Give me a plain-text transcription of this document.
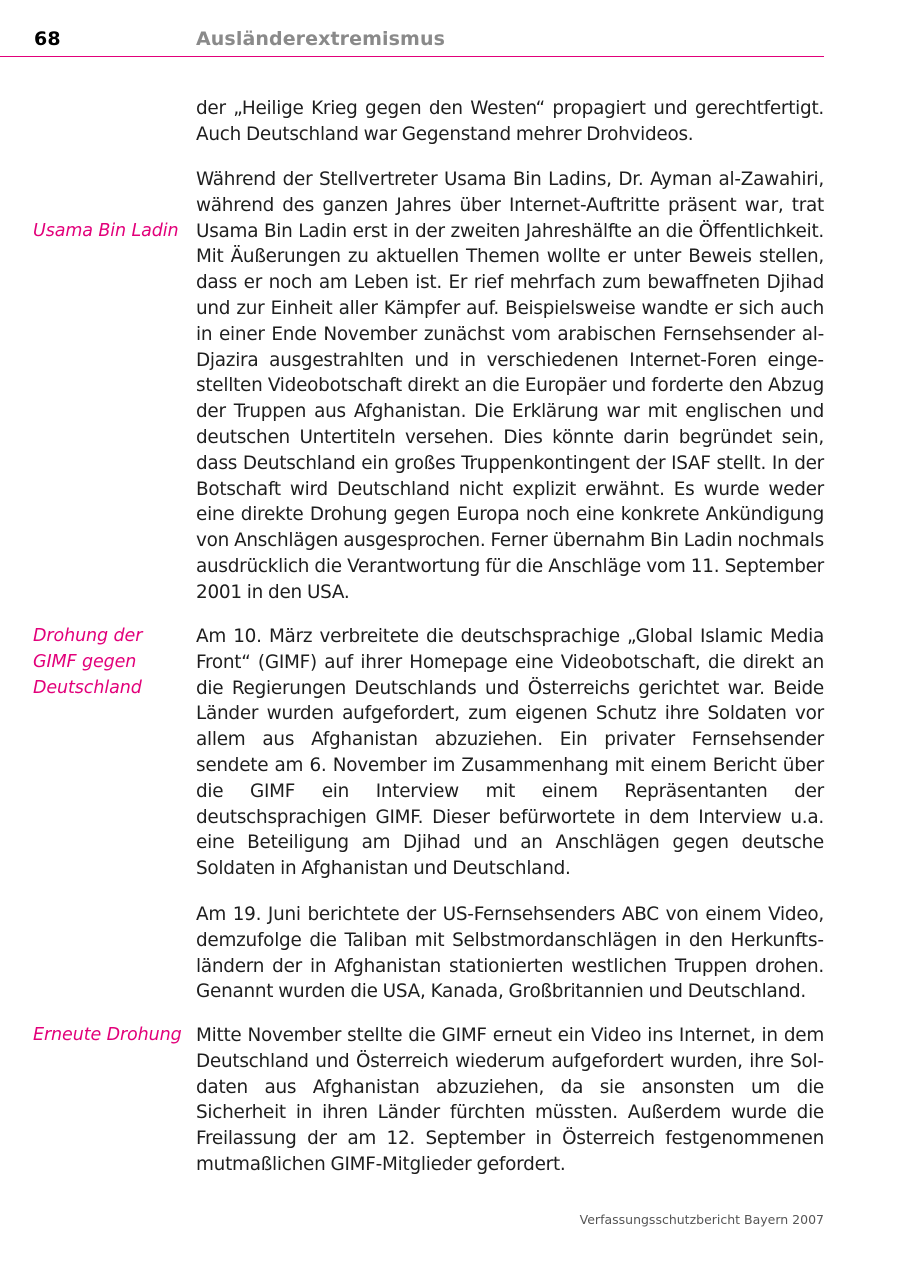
68	Ausländerextremismus

der „Heilige Krieg gegen den Westen“ propagiert und gerechtfertigt. Auch Deutschland war Gegenstand mehrer Drohvideos.

Während der Stellvertreter Usama Bin Ladins, Dr. Ayman al-Zawahiri, während des ganzen Jahres über Internet-Auftritte präsent war, trat Usama Bin Ladin erst in der zweiten Jahreshälfte an die Öffentlichkeit. Mit Äußerungen zu aktuellen Themen wollte er unter Beweis stellen, dass er noch am Leben ist. Er rief mehrfach zum bewaffneten Djihad und zur Einheit aller Kämpfer auf. Beispielsweise wandte er sich auch in einer Ende November zunächst vom arabischen Fernsehsender al-Djazira ausgestrahlten und in verschiedenen Internet-Foren eingestellten Videobotschaft direkt an die Europäer und forderte den Abzug der Truppen aus Afghanistan. Die Erklärung war mit englischen und deutschen Untertiteln versehen. Dies könnte darin begründet sein, dass Deutschland ein großes Truppenkontingent der ISAF stellt. In der Botschaft wird Deutschland nicht explizit erwähnt. Es wurde weder eine direkte Drohung gegen Europa noch eine konkrete Ankündigung von Anschlägen ausgesprochen. Ferner übernahm Bin Ladin nochmals ausdrücklich die Verantwortung für die Anschläge vom 11. September 2001 in den USA.

Usama Bin Ladin

Am 10. März verbreitete die deutschsprachige „Global Islamic Media Front“ (GIMF) auf ihrer Homepage eine Videobotschaft, die direkt an die Regierungen Deutschlands und Österreichs gerichtet war. Beide Länder wurden aufgefordert, zum eigenen Schutz ihre Soldaten vor allem aus Afghanistan abzuziehen. Ein privater Fernsehsender sendete am 6. November im Zusammenhang mit einem Bericht über die GIMF ein Interview mit einem Repräsentanten der deutschsprachigen GIMF. Dieser befürwortete in dem Interview u.a. eine Beteiligung am Djihad und an Anschlägen gegen deutsche Soldaten in Afghanistan und Deutschland.

Drohung der
GIMF gegen
Deutschland

Am 19. Juni berichtete der US-Fernsehsenders ABC von einem Video, demzufolge die Taliban mit Selbstmordanschlägen in den Herkunftsländern der in Afghanistan stationierten westlichen Truppen drohen. Genannt wurden die USA, Kanada, Großbritannien und Deutschland.

Mitte November stellte die GIMF erneut ein Video ins Internet, in dem Deutschland und Österreich wiederum aufgefordert wurden, ihre Soldaten aus Afghanistan abzuziehen, da sie ansonsten um die Sicherheit in ihren Länder fürchten müssten. Außerdem wurde die Freilassung der am 12. September in Österreich festgenommenen mutmaßlichen GIMF-Mitglieder gefordert.

Erneute Drohung

Verfassungsschutzbericht Bayern 2007
